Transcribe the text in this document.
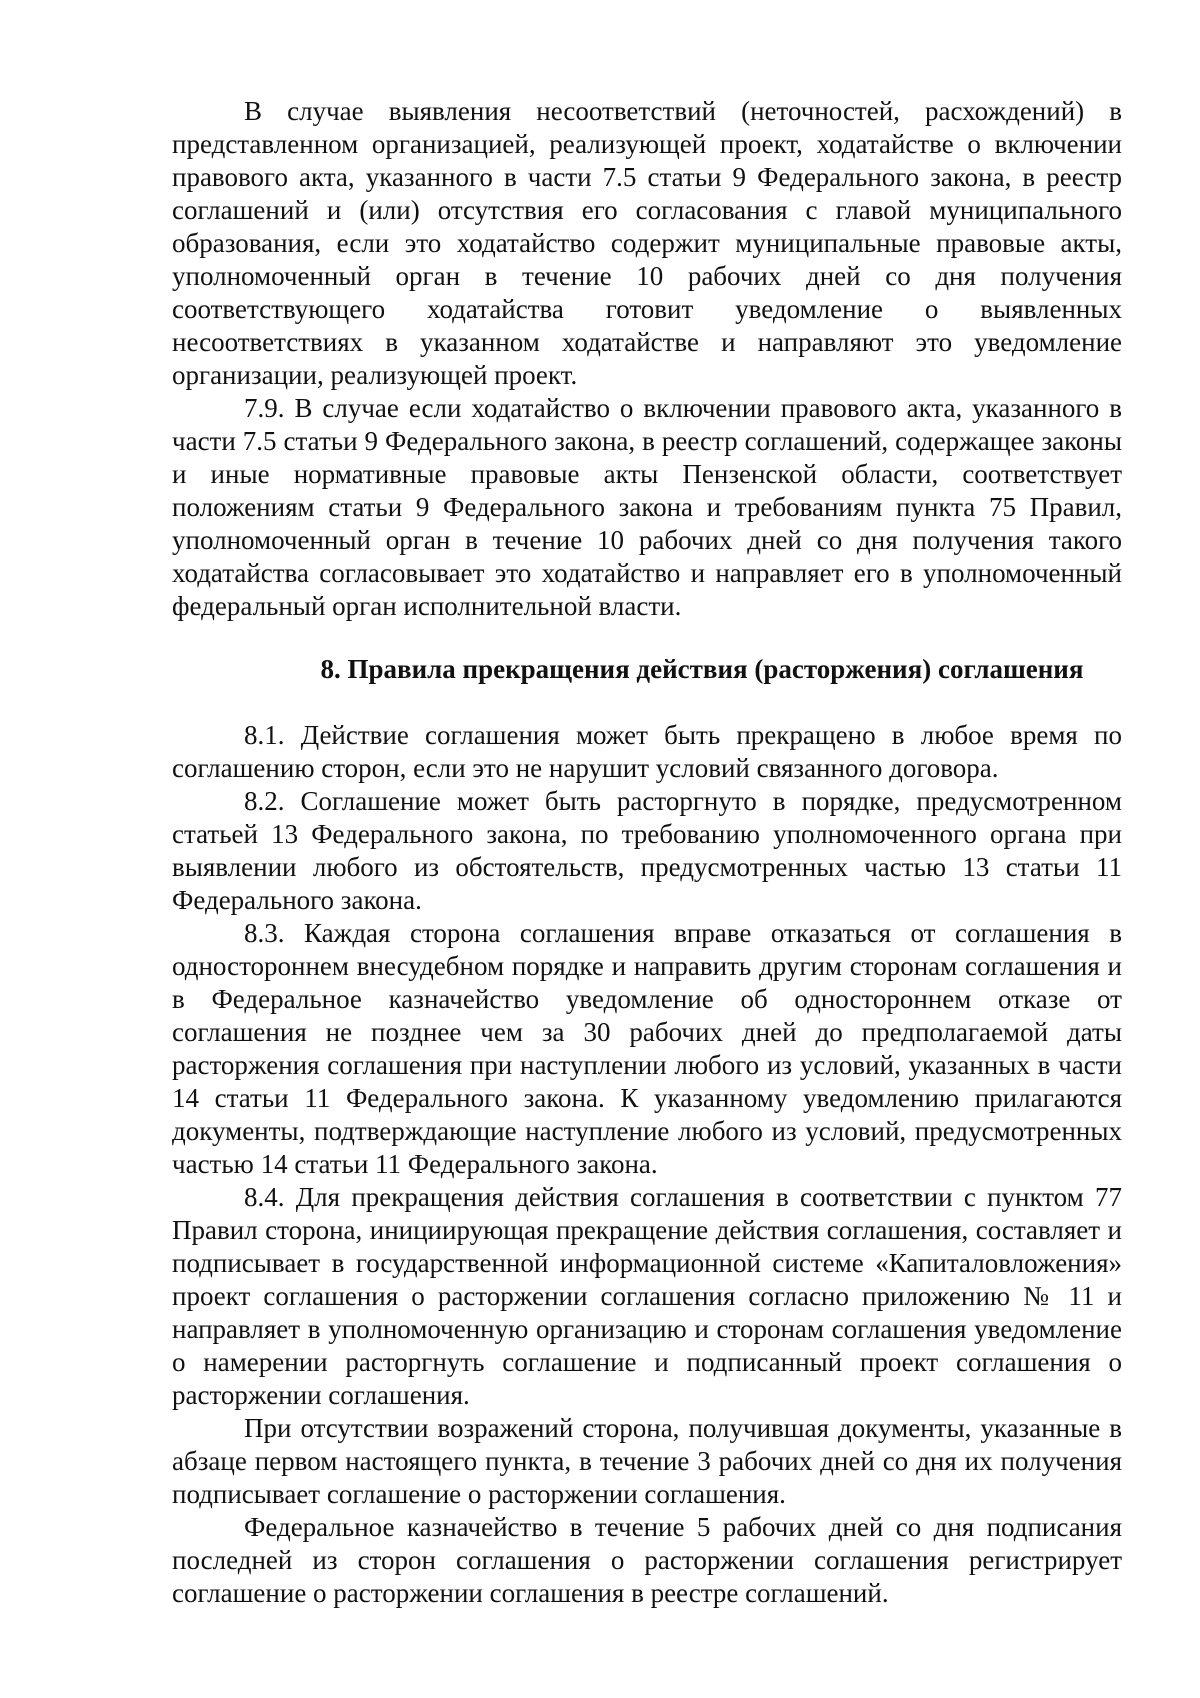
В случае выявления несоответствий (неточностей, расхождений) в представленном организацией, реализующей проект, ходатайстве о включении правового акта, указанного в части 7.5 статьи 9 Федерального закона, в реестр соглашений и (или) отсутствия его согласования с главой муниципального образования, если это ходатайство содержит муниципальные правовые акты, уполномоченный орган в течение 10 рабочих дней со дня получения соответствующего ходатайства готовит уведомление о выявленных несоответствиях в указанном ходатайстве и направляют это уведомление организации, реализующей проект.

7.9. В случае если ходатайство о включении правового акта, указанного в части 7.5 статьи 9 Федерального закона, в реестр соглашений, содержащее законы и иные нормативные правовые акты Пензенской области, соответствует положениям статьи 9 Федерального закона и требованиям пункта 75 Правил, уполномоченный орган в течение 10 рабочих дней со дня получения такого ходатайства согласовывает это ходатайство и направляет его в уполномоченный федеральный орган исполнительной власти.

8. Правила прекращения действия (расторжения) соглашения

8.1. Действие соглашения может быть прекращено в любое время по соглашению сторон, если это не нарушит условий связанного договора.

8.2. Соглашение может быть расторгнуто в порядке, предусмотренном статьей 13 Федерального закона, по требованию уполномоченного органа при выявлении любого из обстоятельств, предусмотренных частью 13 статьи 11 Федерального закона.

8.3. Каждая сторона соглашения вправе отказаться от соглашения в одностороннем внесудебном порядке и направить другим сторонам соглашения и в Федеральное казначейство уведомление об одностороннем отказе от соглашения не позднее чем за 30 рабочих дней до предполагаемой даты расторжения соглашения при наступлении любого из условий, указанных в части 14 статьи 11 Федерального закона. К указанному уведомлению прилагаются документы, подтверждающие наступление любого из условий, предусмотренных частью 14 статьи 11 Федерального закона.

8.4. Для прекращения действия соглашения в соответствии с пунктом 77 Правил сторона, инициирующая прекращение действия соглашения, составляет и подписывает в государственной информационной системе «Капиталовложения» проект соглашения о расторжении соглашения согласно приложению № 11 и направляет в уполномоченную организацию и сторонам соглашения уведомление о намерении расторгнуть соглашение и подписанный проект соглашения о расторжении соглашения.

При отсутствии возражений сторона, получившая документы, указанные в абзаце первом настоящего пункта, в течение 3 рабочих дней со дня их получения подписывает соглашение о расторжении соглашения.

Федеральное казначейство в течение 5 рабочих дней со дня подписания последней из сторон соглашения о расторжении соглашения регистрирует соглашение о расторжении соглашения в реестре соглашений.
